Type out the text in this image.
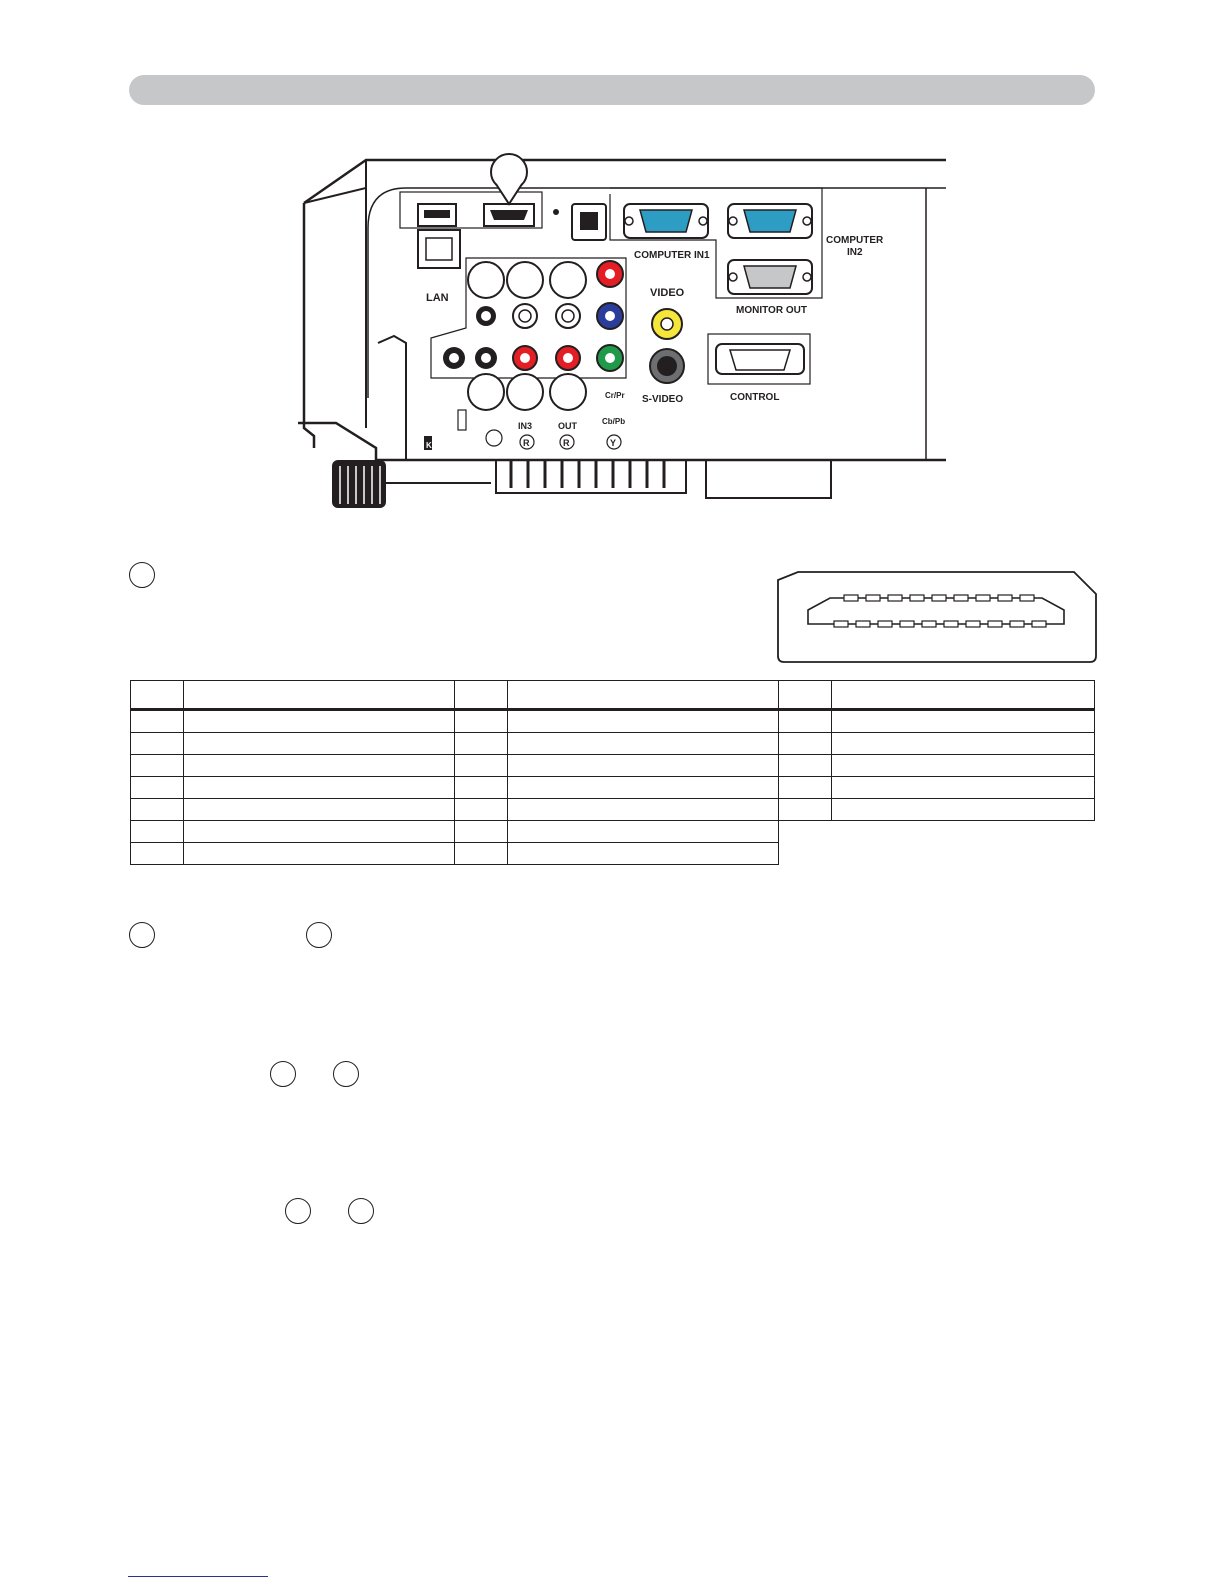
LAN
COMPUTER IN1
COMPUTER
IN2
MONITOR OUT
VIDEO
S-VIDEO	CONTROL
IN3	OUT
Cr/Pr
Cb/Pb
R	R	Y
K
